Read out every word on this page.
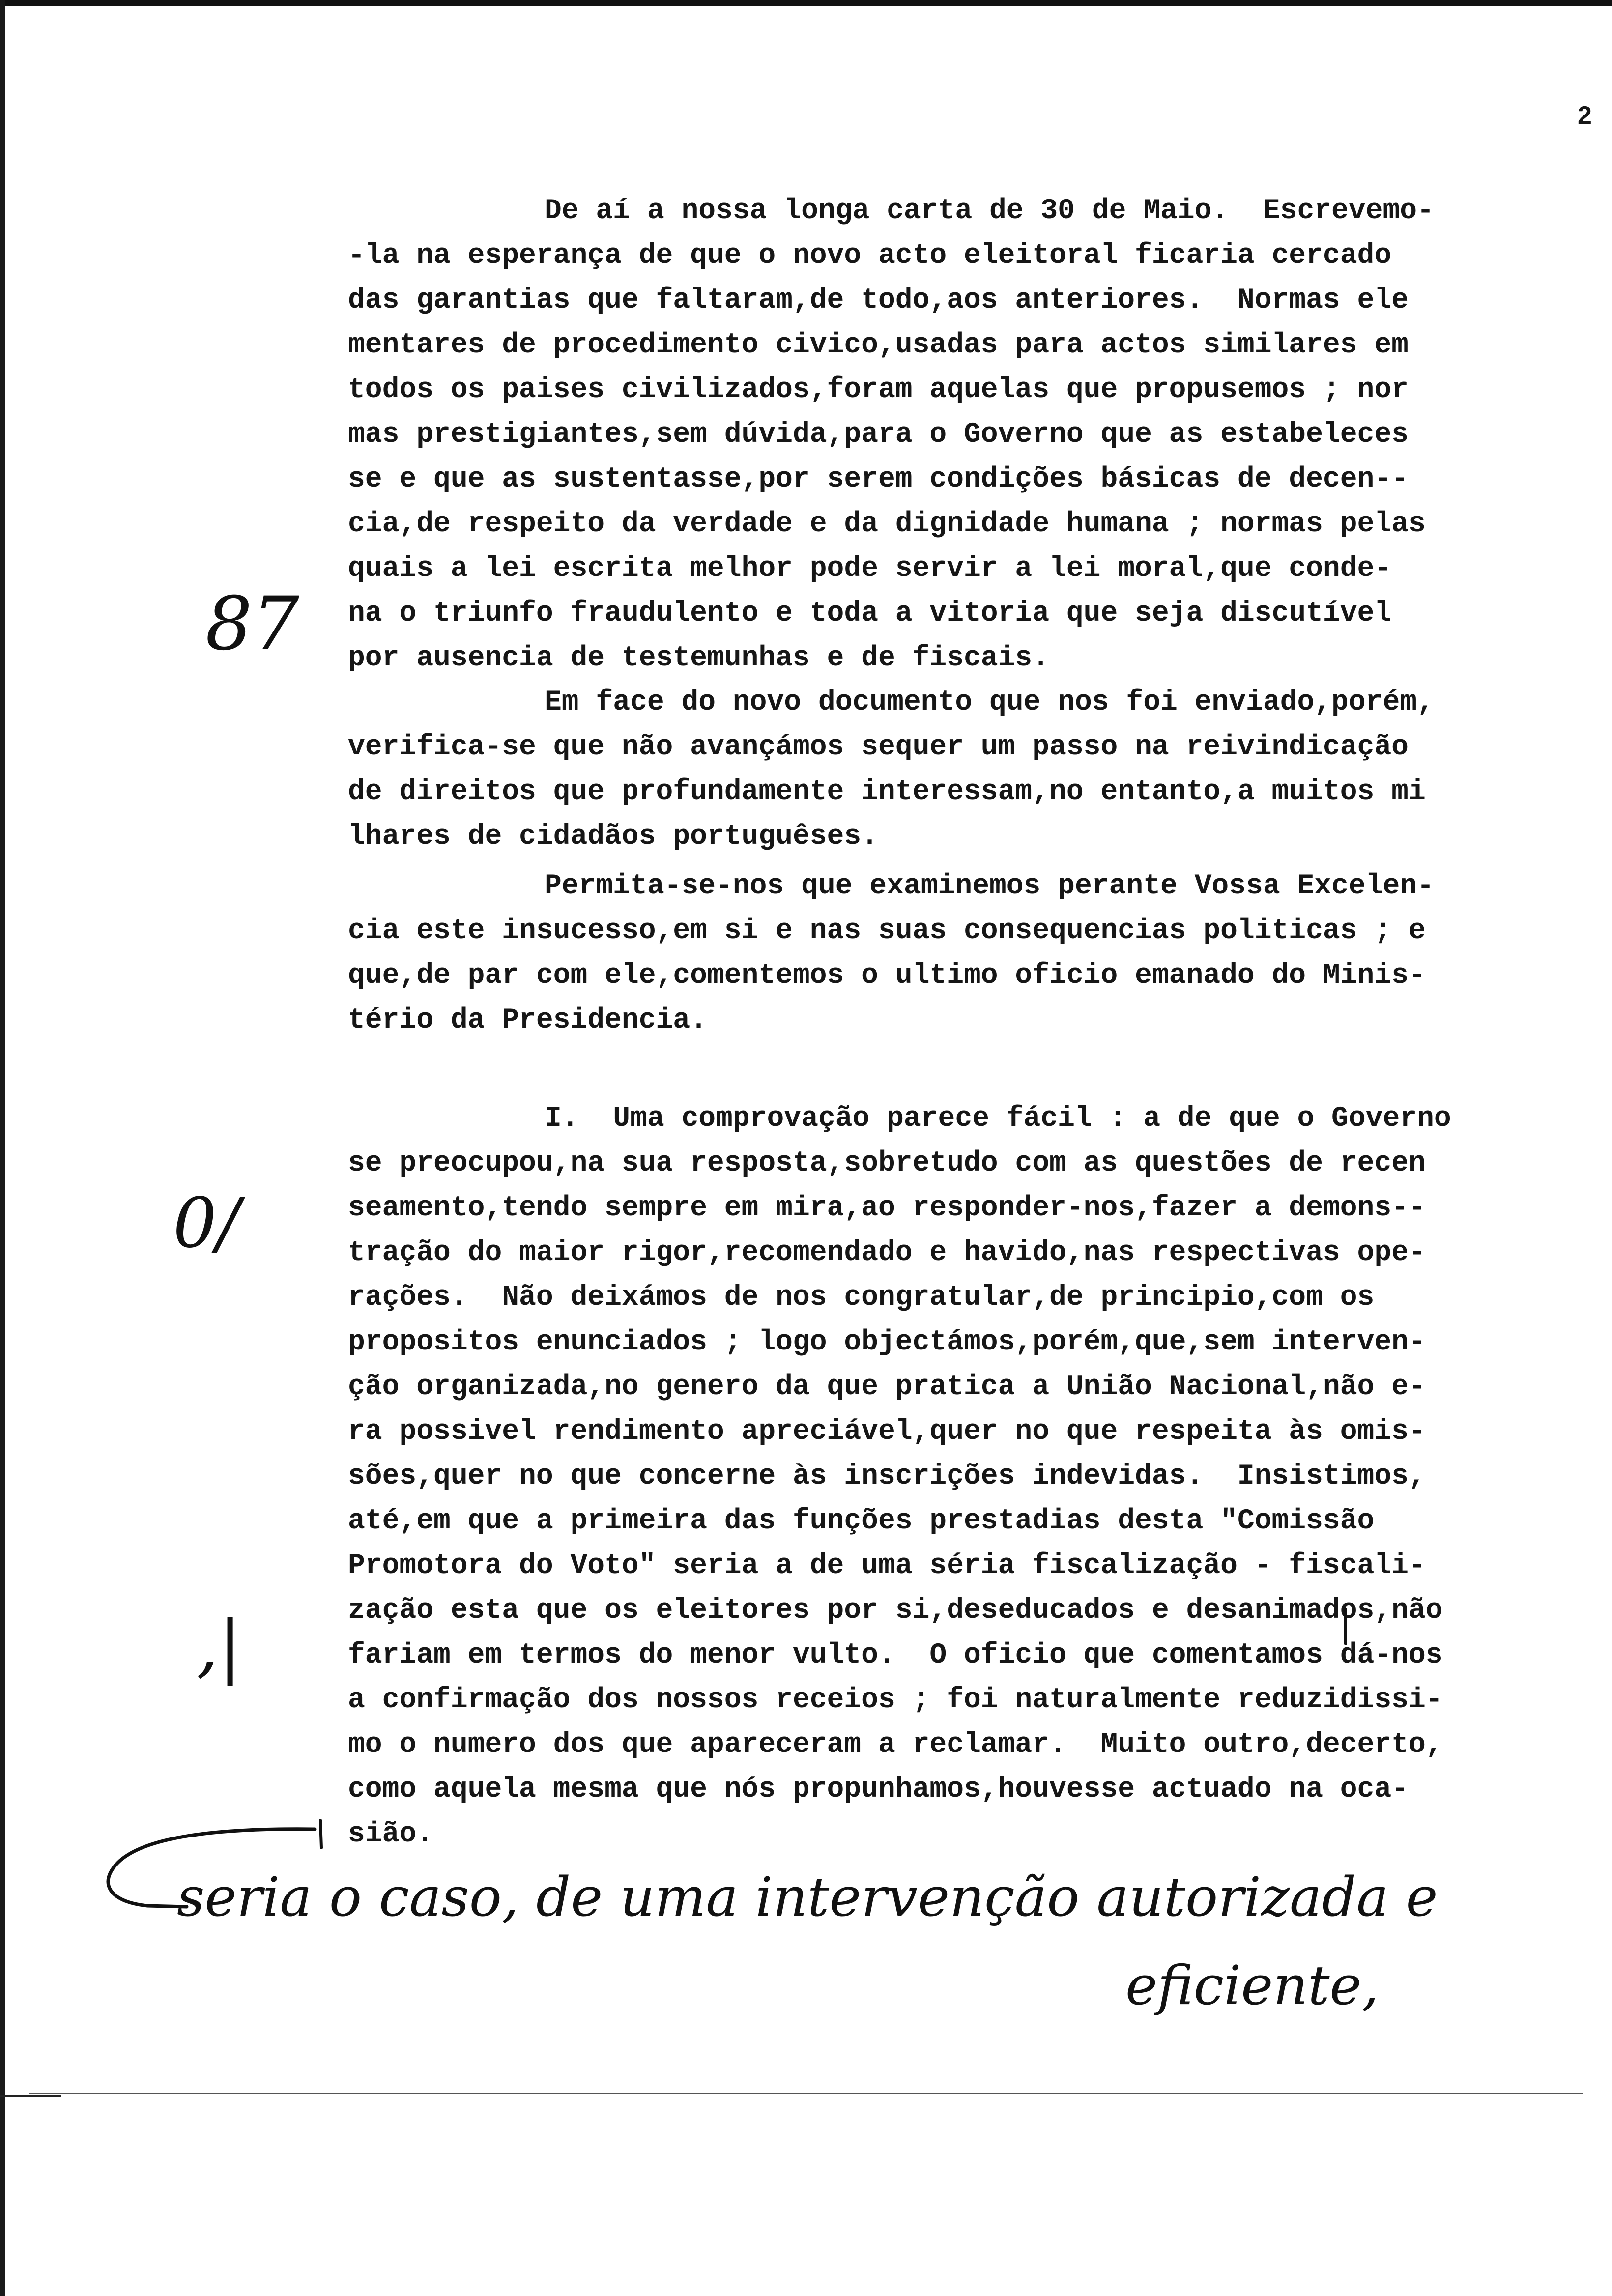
2

De aí a nossa longa carta de 30 de Maio.  Escrevemo-

-la na esperança de que o novo acto eleitoral ficaria cercado

das garantias que faltaram,de todo,aos anteriores.  Normas ele

mentares de procedimento civico,usadas para actos similares em

todos os paises civilizados,foram aquelas que propusemos ; nor

mas prestigiantes,sem dúvida,para o Governo que as estabeleces

se e que as sustentasse,por serem condições básicas de decen--

cia,de respeito da verdade e da dignidade humana ; normas pelas

quais a lei escrita melhor pode servir a lei moral,que conde-

na o triunfo fraudulento e toda a vitoria que seja discutível

por ausencia de testemunhas e de fiscais.

Em face do novo documento que nos foi enviado,porém,

verifica-se que não avançámos sequer um passo na reivindicação

de direitos que profundamente interessam,no entanto,a muitos mi

lhares de cidadãos portuguêses.

Permita-se-nos que examinemos perante Vossa Excelen-

cia este insucesso,em si e nas suas consequencias politicas ; e

que,de par com ele,comentemos o ultimo oficio emanado do Minis-

tério da Presidencia.

I.  Uma comprovação parece fácil : a de que o Governo

se preocupou,na sua resposta,sobretudo com as questões de recen

seamento,tendo sempre em mira,ao responder-nos,fazer a demons--

tração do maior rigor,recomendado e havido,nas respectivas ope-

rações.  Não deixámos de nos congratular,de principio,com os

propositos enunciados ; logo objectámos,porém,que,sem interven-

ção organizada,no genero da que pratica a União Nacional,não e-

ra possivel rendimento apreciável,quer no que respeita às omis-

sões,quer no que concerne às inscrições indevidas.  Insistimos,

até,em que a primeira das funções prestadias desta "Comissão

Promotora do Voto" seria a de uma séria fiscalização - fiscali-

zação esta que os eleitores por si,deseducados e desanimados,não

fariam em termos do menor vulto.  O oficio que comentamos dá-nos

a confirmação dos nossos receios ; foi naturalmente reduzidissi-

mo o numero dos que apareceram a reclamar.  Muito outro,decerto,

como aquela mesma que nós propunhamos,houvesse actuado na oca-

sião.

87

0/

,|

seria o caso, de uma intervenção autorizada e

eficiente,
